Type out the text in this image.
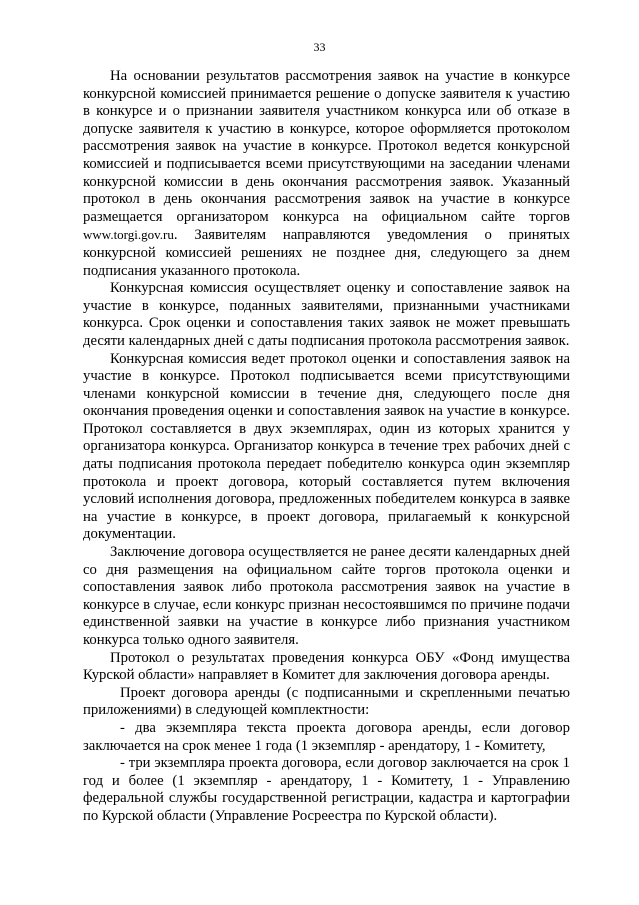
33

На основании результатов рассмотрения заявок на участие в конкурсе конкурсной комиссией принимается решение о допуске заявителя к участию в конкурсе и о признании заявителя участником конкурса или об отказе в допуске заявителя к участию в конкурсе, которое оформляется протоколом рассмотрения заявок на участие в конкурсе. Протокол ведется конкурсной комиссией и подписывается всеми присутствующими на заседании членами конкурсной комиссии в день окончания рассмотрения заявок. Указанный протокол в день окончания рассмотрения заявок на участие в конкурсе размещается организатором конкурса на официальном сайте торгов www.torgi.gov.ru. Заявителям направляются уведомления о принятых конкурсной комиссией решениях не позднее дня, следующего за днем подписания указанного протокола.

Конкурсная комиссия осуществляет оценку и сопоставление заявок на участие в конкурсе, поданных заявителями, признанными участниками конкурса. Срок оценки и сопоставления таких заявок не может превышать десяти календарных дней с даты подписания протокола рассмотрения заявок.

Конкурсная комиссия ведет протокол оценки и сопоставления заявок на участие в конкурсе. Протокол подписывается всеми присутствующими членами конкурсной комиссии в течение дня, следующего после дня окончания проведения оценки и сопоставления заявок на участие в конкурсе. Протокол составляется в двух экземплярах, один из которых хранится у организатора конкурса. Организатор конкурса в течение трех рабочих дней с даты подписания протокола передает победителю конкурса один экземпляр протокола и проект договора, который составляется путем включения условий исполнения договора, предложенных победителем конкурса в заявке на участие в конкурсе, в проект договора, прилагаемый к конкурсной документации.

Заключение договора осуществляется не ранее десяти календарных дней со дня размещения на официальном сайте торгов протокола оценки и сопоставления заявок либо протокола рассмотрения заявок на участие в конкурсе в случае, если конкурс признан несостоявшимся по причине подачи единственной заявки на участие в конкурсе либо признания участником конкурса только одного заявителя.

Протокол о результатах проведения конкурса ОБУ «Фонд имущества Курской области» направляет в Комитет для заключения договора аренды.

Проект договора аренды (с подписанными и скрепленными печатью приложениями) в следующей комплектности:

- два экземпляра текста проекта договора аренды, если договор заключается на срок менее 1 года (1 экземпляр - арендатору, 1 - Комитету,

- три экземпляра проекта договора, если договор заключается на срок 1 год и более (1 экземпляр - арендатору, 1 - Комитету, 1 - Управлению федеральной службы государственной регистрации, кадастра и картографии по Курской области (Управление Росреестра по Курской области).
